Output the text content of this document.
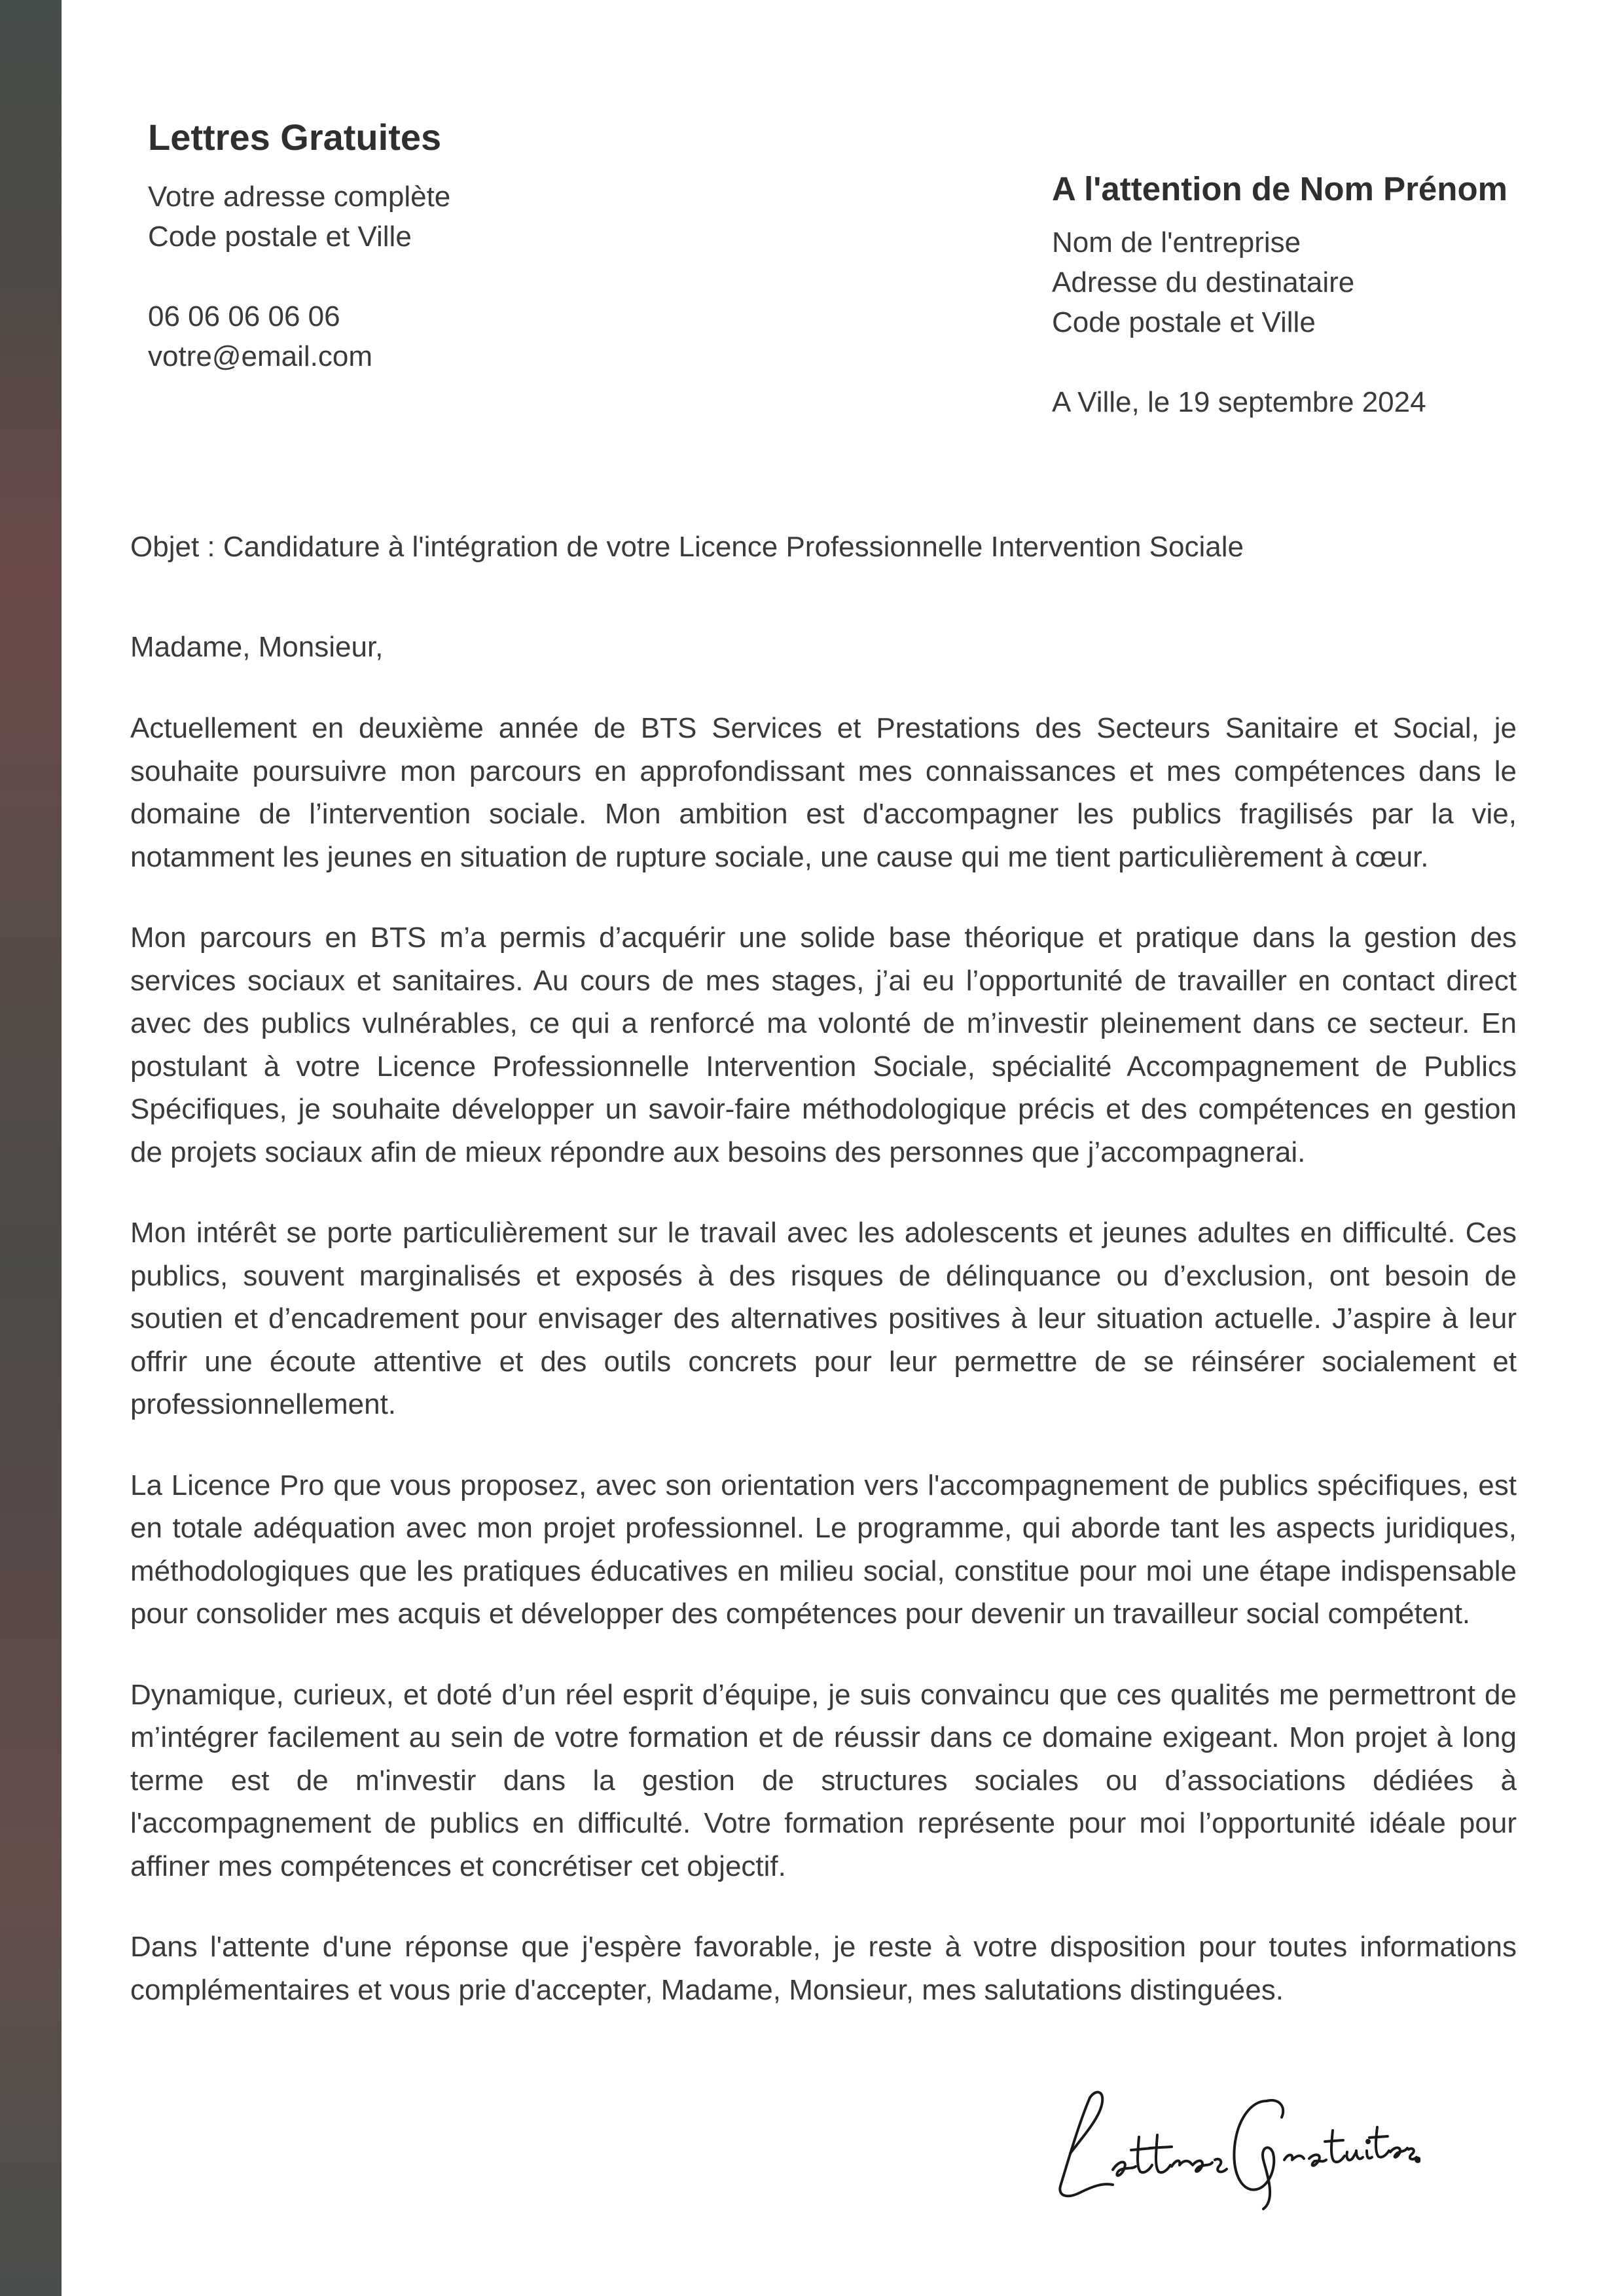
Lettres Gratuites
Votre adresse complète
Code postale et Ville
06 06 06 06 06
votre@email.com
A l'attention de Nom Prénom
Nom de l'entreprise
Adresse du destinataire
Code postale et Ville
A Ville, le 19 septembre 2024
Objet : Candidature à l'intégration de votre Licence Professionnelle Intervention Sociale
Madame, Monsieur,

Actuellement en deuxième année de BTS Services et Prestations des Secteurs Sanitaire et Social, je souhaite poursuivre mon parcours en approfondissant mes connaissances et mes compétences dans le domaine de l’intervention sociale. Mon ambition est d'accompagner les publics fragilisés par la vie, notamment les jeunes en situation de rupture sociale, une cause qui me tient particulièrement à cœur.

Mon parcours en BTS m’a permis d’acquérir une solide base théorique et pratique dans la gestion des services sociaux et sanitaires. Au cours de mes stages, j’ai eu l’opportunité de travailler en contact direct avec des publics vulnérables, ce qui a renforcé ma volonté de m’investir pleinement dans ce secteur. En postulant à votre Licence Professionnelle Intervention Sociale, spécialité Accompagnement de Publics Spécifiques, je souhaite développer un savoir-faire méthodologique précis et des compétences en gestion de projets sociaux afin de mieux répondre aux besoins des personnes que j’accompagnerai.

Mon intérêt se porte particulièrement sur le travail avec les adolescents et jeunes adultes en difficulté. Ces publics, souvent marginalisés et exposés à des risques de délinquance ou d’exclusion, ont besoin de soutien et d’encadrement pour envisager des alternatives positives à leur situation actuelle. J’aspire à leur offrir une écoute attentive et des outils concrets pour leur permettre de se réinsérer socialement et professionnellement.

La Licence Pro que vous proposez, avec son orientation vers l'accompagnement de publics spécifiques, est en totale adéquation avec mon projet professionnel. Le programme, qui aborde tant les aspects juridiques, méthodologiques que les pratiques éducatives en milieu social, constitue pour moi une étape indispensable pour consolider mes acquis et développer des compétences pour devenir un travailleur social compétent.

Dynamique, curieux, et doté d’un réel esprit d’équipe, je suis convaincu que ces qualités me permettront de m’intégrer facilement au sein de votre formation et de réussir dans ce domaine exigeant. Mon projet à long terme est de m'investir dans la gestion de structures sociales ou d’associations dédiées à l'accompagnement de publics en difficulté. Votre formation représente pour moi l’opportunité idéale pour affiner mes compétences et concrétiser cet objectif.

Dans l'attente d'une réponse que j'espère favorable, je reste à votre disposition pour toutes informations complémentaires et vous prie d'accepter, Madame, Monsieur, mes salutations distinguées.
